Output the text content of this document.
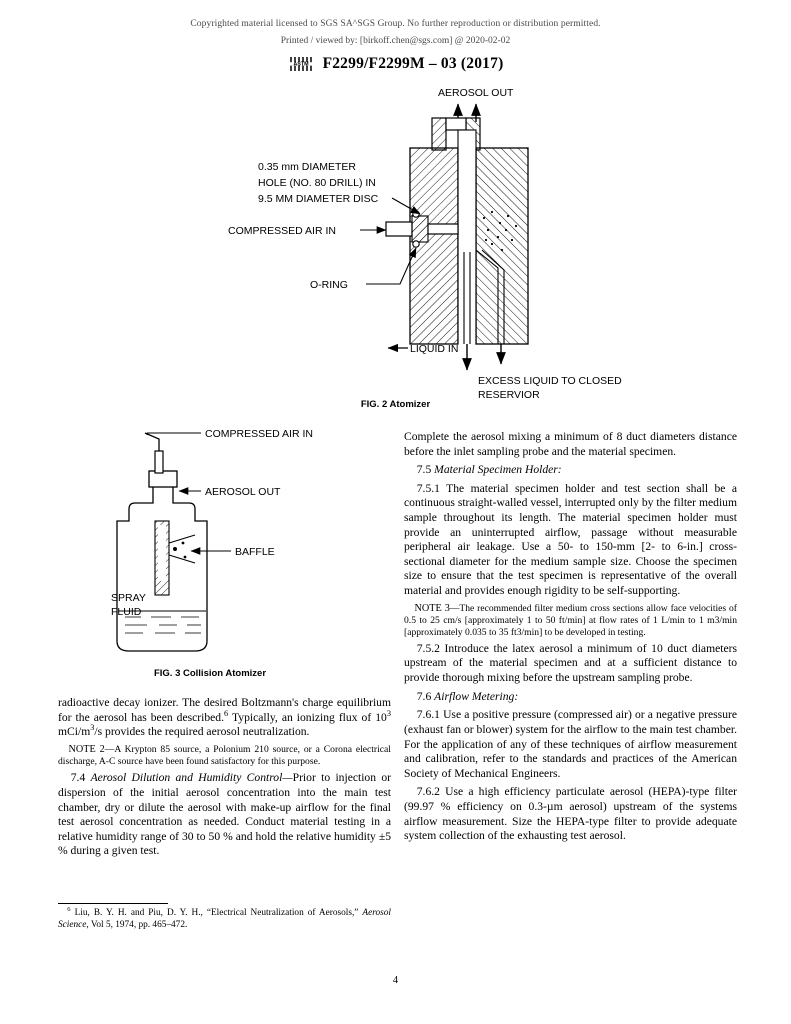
Copyrighted material licensed to SGS SA^SGS Group. No further reproduction or distribution permitted.
Printed / viewed by: [birkoff.chen@sgs.com] @ 2020-02-02
ASTM F2299/F2299M – 03 (2017)
AEROSOL OUT
LIQUID IN
EXCESS LIQUID TO CLOSED
RESERVIOR
0.35 mm DIAMETER
HOLE (NO. 80 DRILL) IN
9.5 MM DIAMETER DISC
COMPRESSED AIR IN
O-RING
FIG. 2 Atomizer
COMPRESSED AIR IN
AEROSOL OUT
BAFFLE
SPRAY
FLUID
FIG. 3 Collision Atomizer

radioactive decay ionizer. The desired Boltzmann's charge equilibrium for the aerosol has been described.$^6$ Typically, an ionizing flux of $10^3$ mCi/$m^3/s$ provides the required aerosol neutralization.

NOTE 2—A Krypton 85 source, a Polonium 210 source, or a Corona electrical discharge, A-C source have been found satisfactory for this purpose.

7.4 Aerosol Dilution and Humidity Control—Prior to injection or dispersion of the initial aerosol concentration into the main test chamber, dry or dilute the aerosol with make-up airflow for the final test aerosol concentration as needed. Conduct material testing in a relative humidity range of 30 to 50 % and hold the relative humidity ±5 % during a given test.

$^6$ Liu, B. Y. H. and Piu, D. Y. H., “Electrical Neutralization of Aerosols,” Aerosol Science, Vol 5, 1974, pp. 465–472.

Complete the aerosol mixing a minimum of 8 duct diameters distance before the inlet sampling probe and the material specimen.

7.5 Material Specimen Holder:

7.5.1 The material specimen holder and test section shall be a continuous straight-walled vessel, interrupted only by the filter medium sample throughout its length. The material specimen holder must provide an uninterrupted airflow, passage without measurable peripheral air leakage. Use a 50- to 150-mm [2- to 6-in.] cross-sectional diameter for the medium sample size. Choose the specimen size to ensure that the test specimen is representative of the overall material and provides enough rigidity to be self-supporting.

NOTE 3—The recommended filter medium cross sections allow face velocities of 0.5 to 25 cm/s [approximately 1 to 50 ft/min] at flow rates of 1 L/min to 1 m3/min [approximately 0.035 to 35 ft3/min] to be developed in testing.

7.5.2 Introduce the latex aerosol a minimum of 10 duct diameters upstream of the material specimen and at a sufficient distance to provide thorough mixing before the upstream sampling probe.

7.6 Airflow Metering:

7.6.1 Use a positive pressure (compressed air) or a negative pressure (exhaust fan or blower) system for the airflow to the main test chamber. For the application of any of these techniques of airflow measurement and calibration, refer to the standards and practices of the American Society of Mechanical Engineers.

7.6.2 Use a high efficiency particulate aerosol (HEPA)-type filter (99.97 % efficiency on 0.3-µm aerosol) upstream of the systems airflow measurement. Size the HEPA-type filter to provide adequate system collection of the exhausting test aerosol.

4
